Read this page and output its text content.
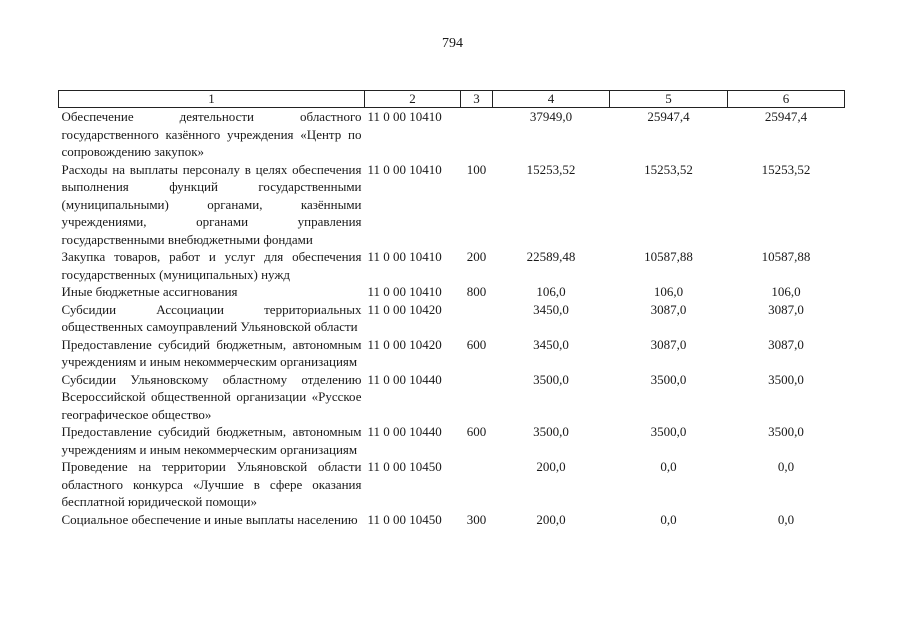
794
1	2	3	4	5	6
Обеспечение деятельности областного государственного казённого учреждения «Центр по сопровождению закупок»	11 0 00 10410		37949,0	25947,4	25947,4
Расходы на выплаты персоналу в целях обеспечения выполнения функций государственными (муниципальными) органами, казёнными учреждениями, органами управления государственными внебюджетными фондами	11 0 00 10410	100	15253,52	15253,52	15253,52
Закупка товаров, работ и услуг для обеспечения государственных (муниципальных) нужд	11 0 00 10410	200	22589,48	10587,88	10587,88
Иные бюджетные ассигнования	11 0 00 10410	800	106,0	106,0	106,0
Субсидии Ассоциации территориальных общественных самоуправлений Ульяновской области	11 0 00 10420		3450,0	3087,0	3087,0
Предоставление субсидий бюджетным, автономным учреждениям и иным некоммерческим организациям	11 0 00 10420	600	3450,0	3087,0	3087,0
Субсидии Ульяновскому областному отделению Всероссийской общественной организации «Русское географическое общество»	11 0 00 10440		3500,0	3500,0	3500,0
Предоставление субсидий бюджетным, автономным учреждениям и иным некоммерческим организациям	11 0 00 10440	600	3500,0	3500,0	3500,0
Проведение на территории Ульяновской области областного конкурса «Лучшие в сфере оказания бесплатной юридической помощи»	11 0 00 10450		200,0	0,0	0,0
Социальное обеспечение и иные выплаты населению	11 0 00 10450	300	200,0	0,0	0,0
